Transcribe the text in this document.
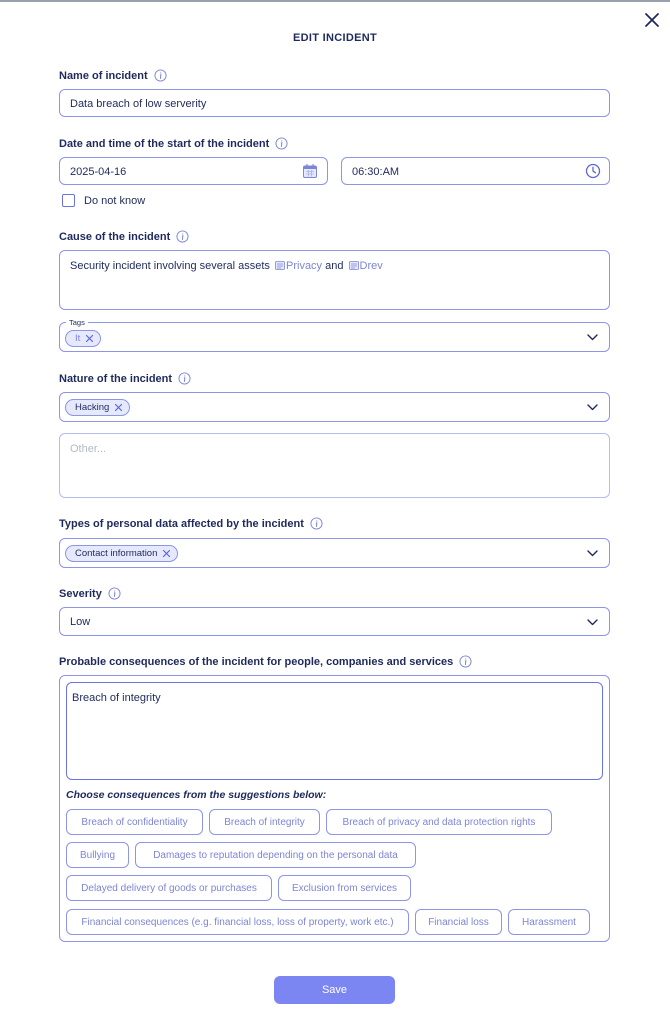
EDIT INCIDENT
Name of incident
Data breach of low serverity
Date and time of the start of the incident
2025-04-16	06:30:AM
Do not know
Cause of the incident
Security incident involving several assets Privacy and Drev
It
Tags
Nature of the incident
Hacking
Other...
Types of personal data affected by the incident
Contact information
Severity
Low
Probable consequences of the incident for people, companies and services
Breach of integrity
Choose consequences from the suggestions below:
Breach of confidentiality	Breach of integrity	Breach of privacy and data protection rights
Bullying	Damages to reputation depending on the personal data
Delayed delivery of goods or purchases	Exclusion from services
Financial consequences (e.g. financial loss, loss of property, work etc.)	Financial loss	Harassment
Save
